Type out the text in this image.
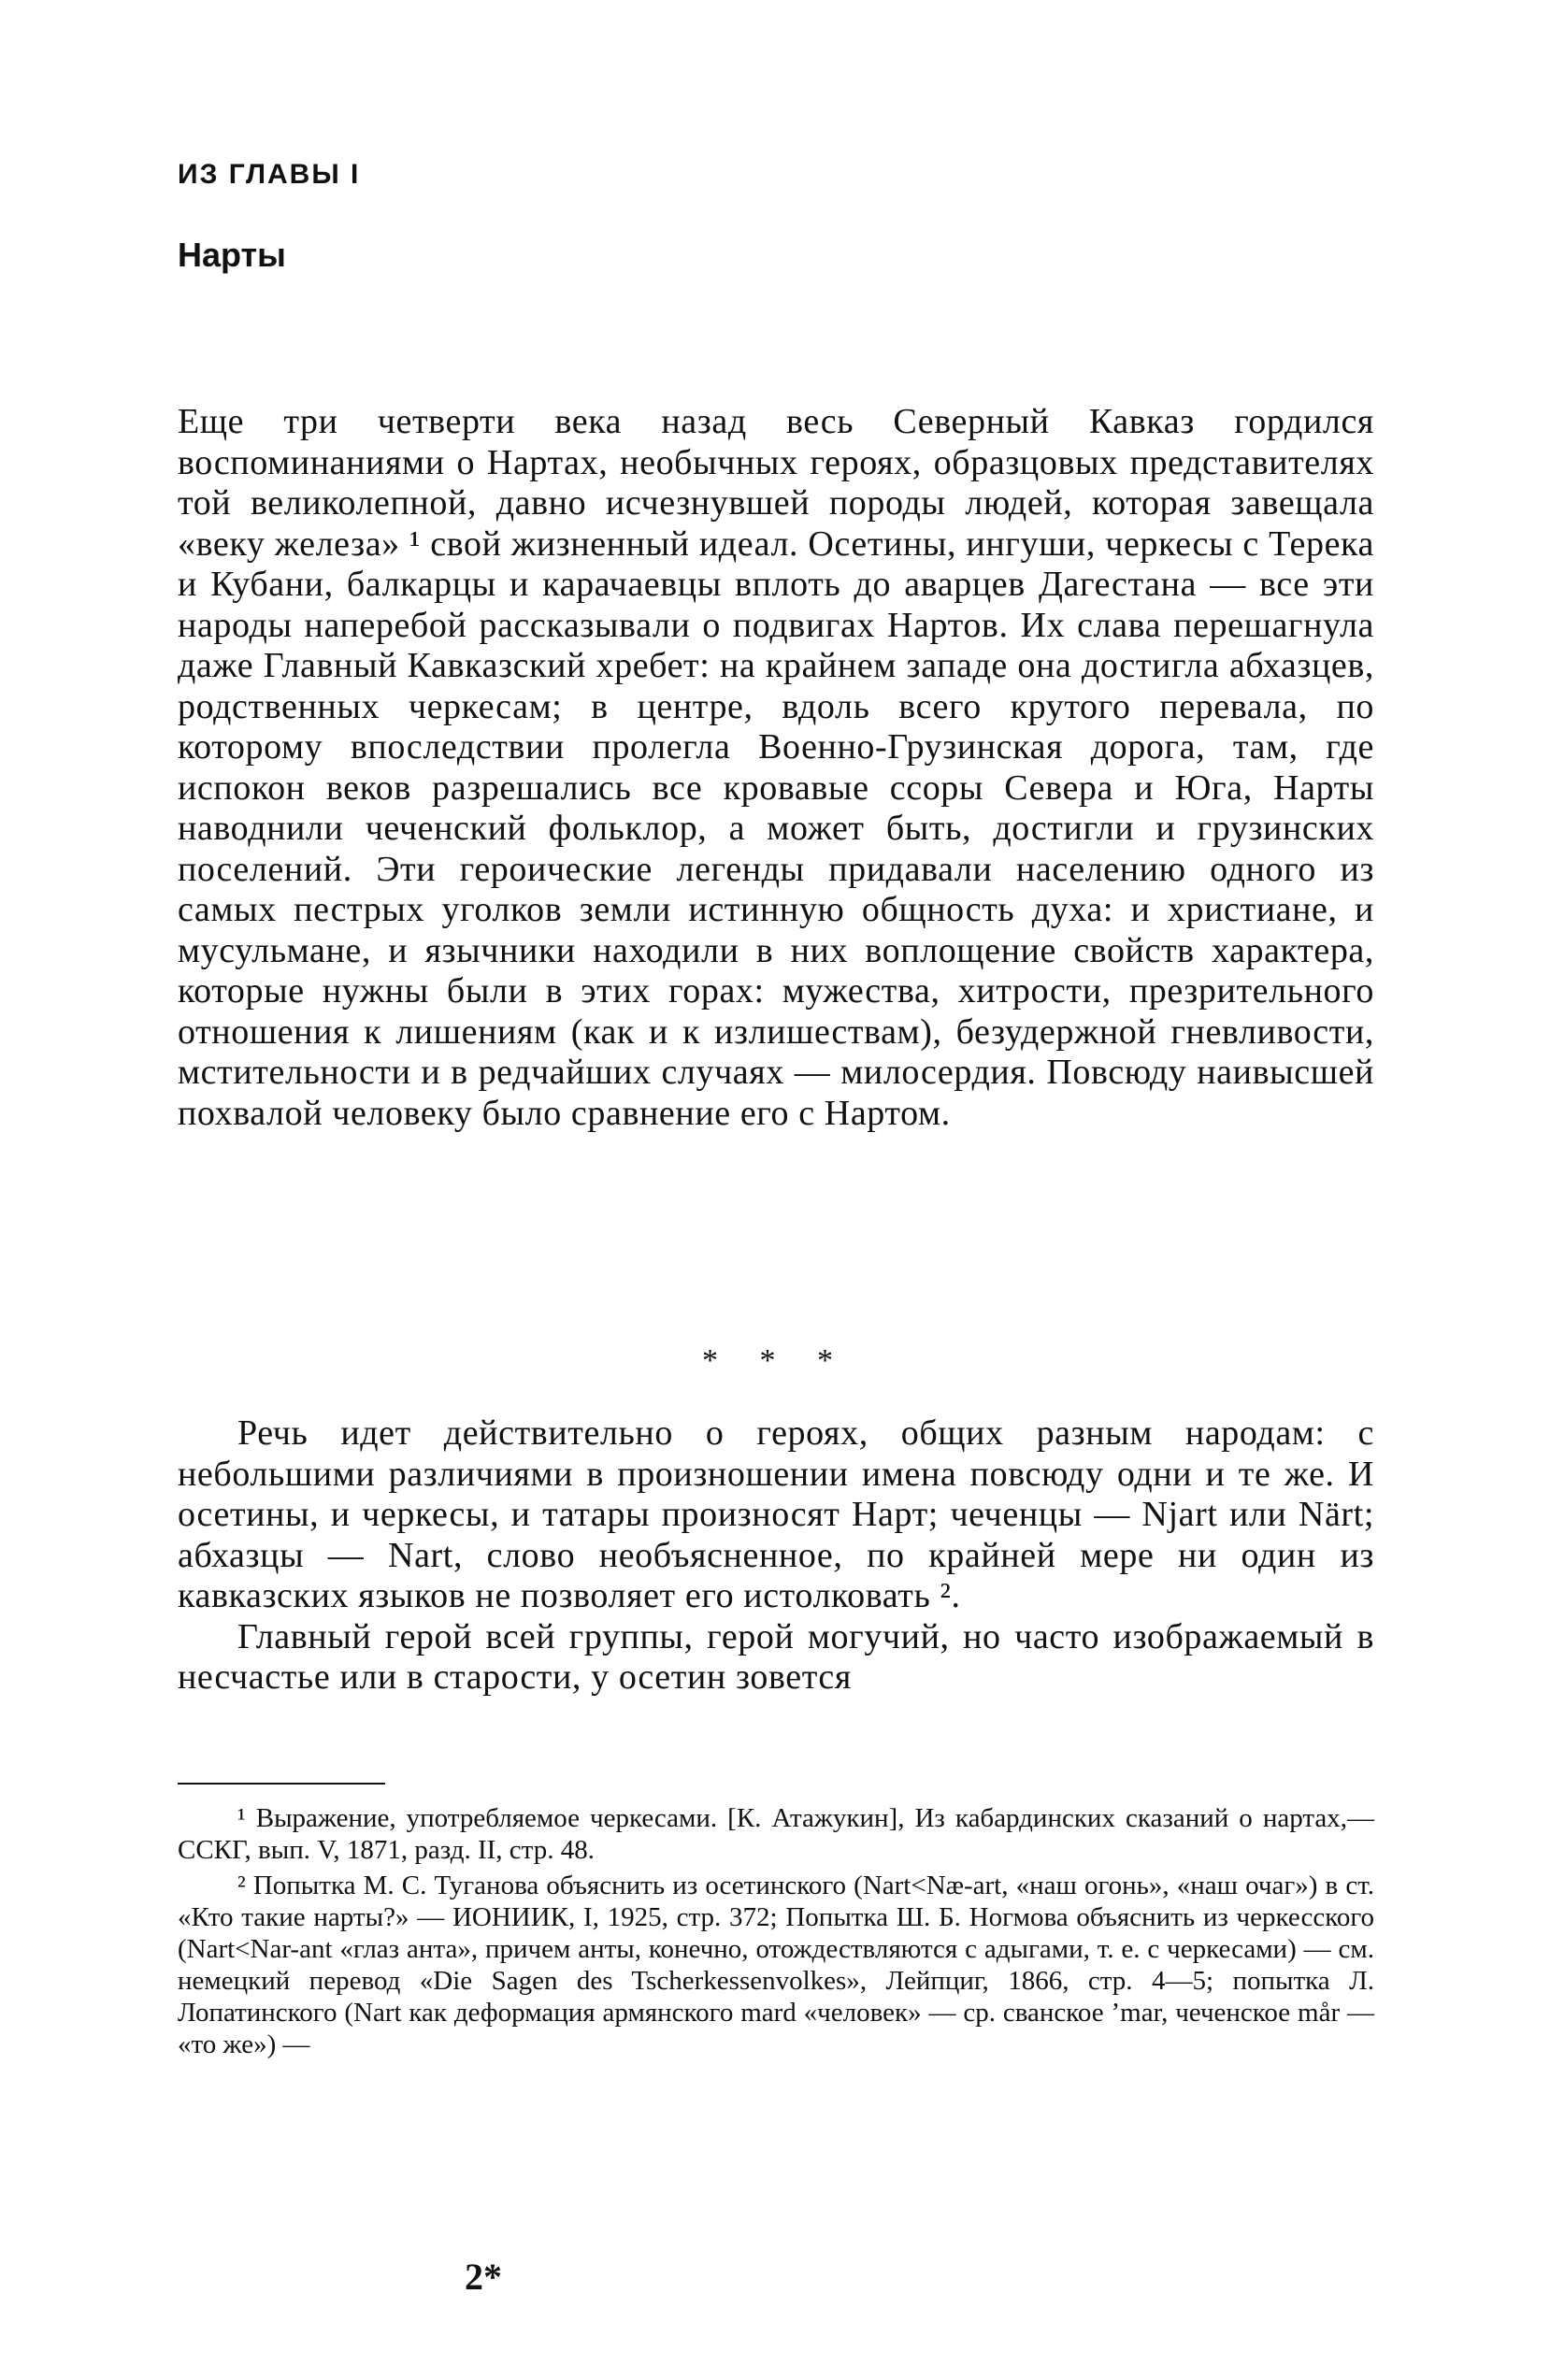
ИЗ ГЛАВЫ I
Нарты

Еще три четверти века назад весь Северный Кавказ гордился воспоминаниями о Нартах, необычных героях, образцовых представителях той великолепной, давно исчезнувшей породы людей, которая завещала «веку железа» ¹ свой жизненный идеал. Осетины, ингуши, черкесы с Терека и Кубани, балкарцы и карачаевцы вплоть до аварцев Дагестана — все эти народы наперебой рассказывали о подвигах Нартов. Их слава перешагнула даже Главный Кавказский хребет: на крайнем западе она достигла абхазцев, родственных черкесам; в центре, вдоль всего крутого перевала, по которому впоследствии пролегла Военно-Грузинская дорога, там, где испокон веков разрешались все кровавые ссоры Севера и Юга, Нарты наводнили чеченский фольклор, а может быть, достигли и грузинских поселений. Эти героические легенды придавали населению одного из самых пестрых уголков земли истинную общность духа: и христиане, и мусульмане, и язычники находили в них воплощение свойств характера, которые нужны были в этих горах: мужества, хитрости, презрительного отношения к лишениям (как и к излишествам), безудержной гневливости, мстительности и в редчайших случаях — милосердия. Повсюду наивысшей похвалой человеку было сравнение его с Нартом.

* * *

Речь идет действительно о героях, общих разным народам: с небольшими различиями в произношении имена повсюду одни и те же. И осетины, и черкесы, и татары произносят Нарт; чеченцы — Njart или Närt; абхазцы — Nart, слово необъясненное, по крайней мере ни один из кавказских языков не позволяет его истолковать ².

Главный герой всей группы, герой могучий, но часто изображаемый в несчастье или в старости, у осетин зовется

¹ Выражение, употребляемое черкесами. [К. Атажукин], Из кабардинских сказаний о нартах,— ССКГ, вып. V, 1871, разд. II, стр. 48.

² Попытка М. С. Туганова объяснить из осетинского (Nart<Næ-art, «наш огонь», «наш очаг») в ст. «Кто такие нарты?» — ИОНИИК, I, 1925, стр. 372; Попытка Ш. Б. Ногмова объяснить из черкесского (Nart<Nar-ant «глаз анта», причем анты, конечно, отождествляются с адыгами, т. е. с черкесами) — см. немецкий перевод «Die Sagen des Tscherkessenvolkes», Лейпциг, 1866, стр. 4—5; попытка Л. Лопатинского (Nart как деформация армянского mard «человек» — ср. сванское ʼmar, чеченское mår — «то же») —

2*
